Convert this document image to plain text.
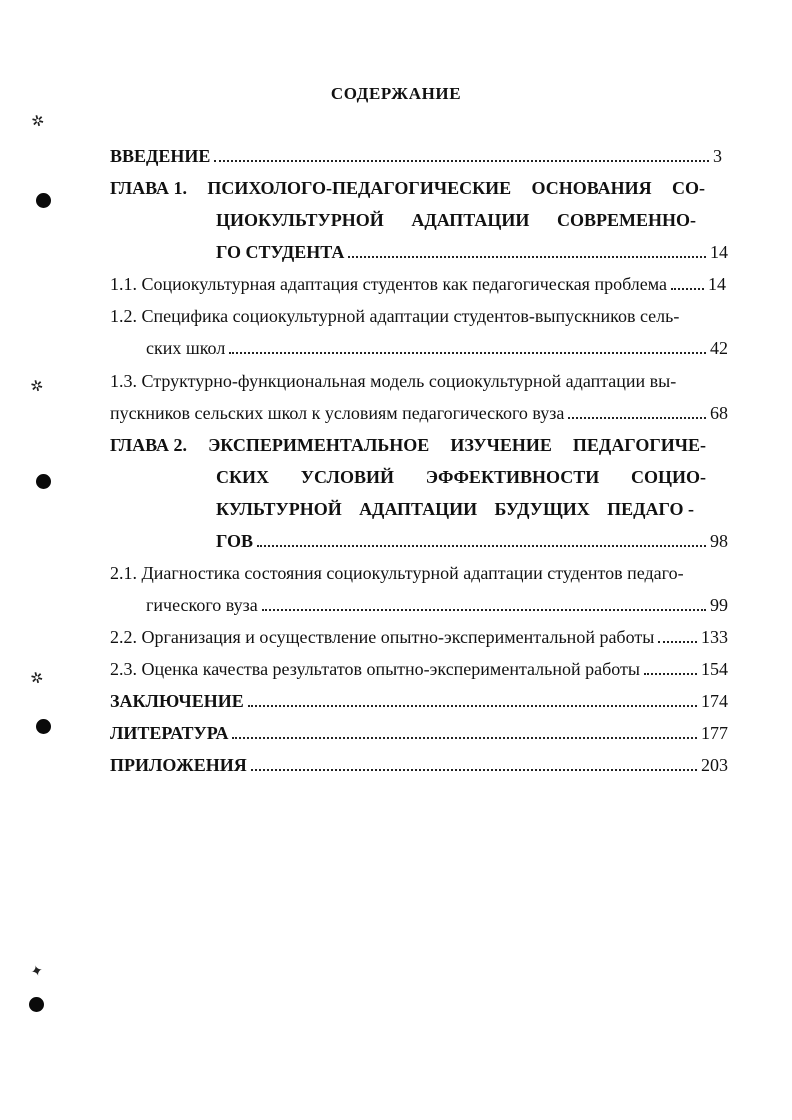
✲
✲
✲
✦
СОДЕРЖАНИЕ
ВВЕДЕНИЕ	3
ГЛАВА 1. ПСИХОЛОГО-ПЕДАГОГИЧЕСКИЕ ОСНОВАНИЯ СО-
ЦИОКУЛЬТУРНОЙ АДАПТАЦИИ СОВРЕМЕННО-
ГО СТУДЕНТА	14
1.1. Социокультурная адаптация студентов как педагогическая проблема 14
1.2. Специфика социокультурной адаптации студентов-выпускников сель-
ских школ	42
1.3. Структурно-функциональная модель социокультурной адаптации вы-
пускников сельских школ к условиям педагогического вуза	68
ГЛАВА 2. ЭКСПЕРИМЕНТАЛЬНОЕ ИЗУЧЕНИЕ ПЕДАГОГИЧЕ-
СКИХ УСЛОВИЙ ЭФФЕКТИВНОСТИ СОЦИО-
КУЛЬТУРНОЙ АДАПТАЦИИ БУДУЩИХ ПЕДАГО -
ГОВ	98
2.1. Диагностика состояния социокультурной адаптации студентов педаго-
гического вуза	99
2.2. Организация и осуществление опытно-экспериментальной работы	133
2.3. Оценка качества результатов опытно-экспериментальной работы	154
ЗАКЛЮЧЕНИЕ	174
ЛИТЕРАТУРА	177
ПРИЛОЖЕНИЯ	203
